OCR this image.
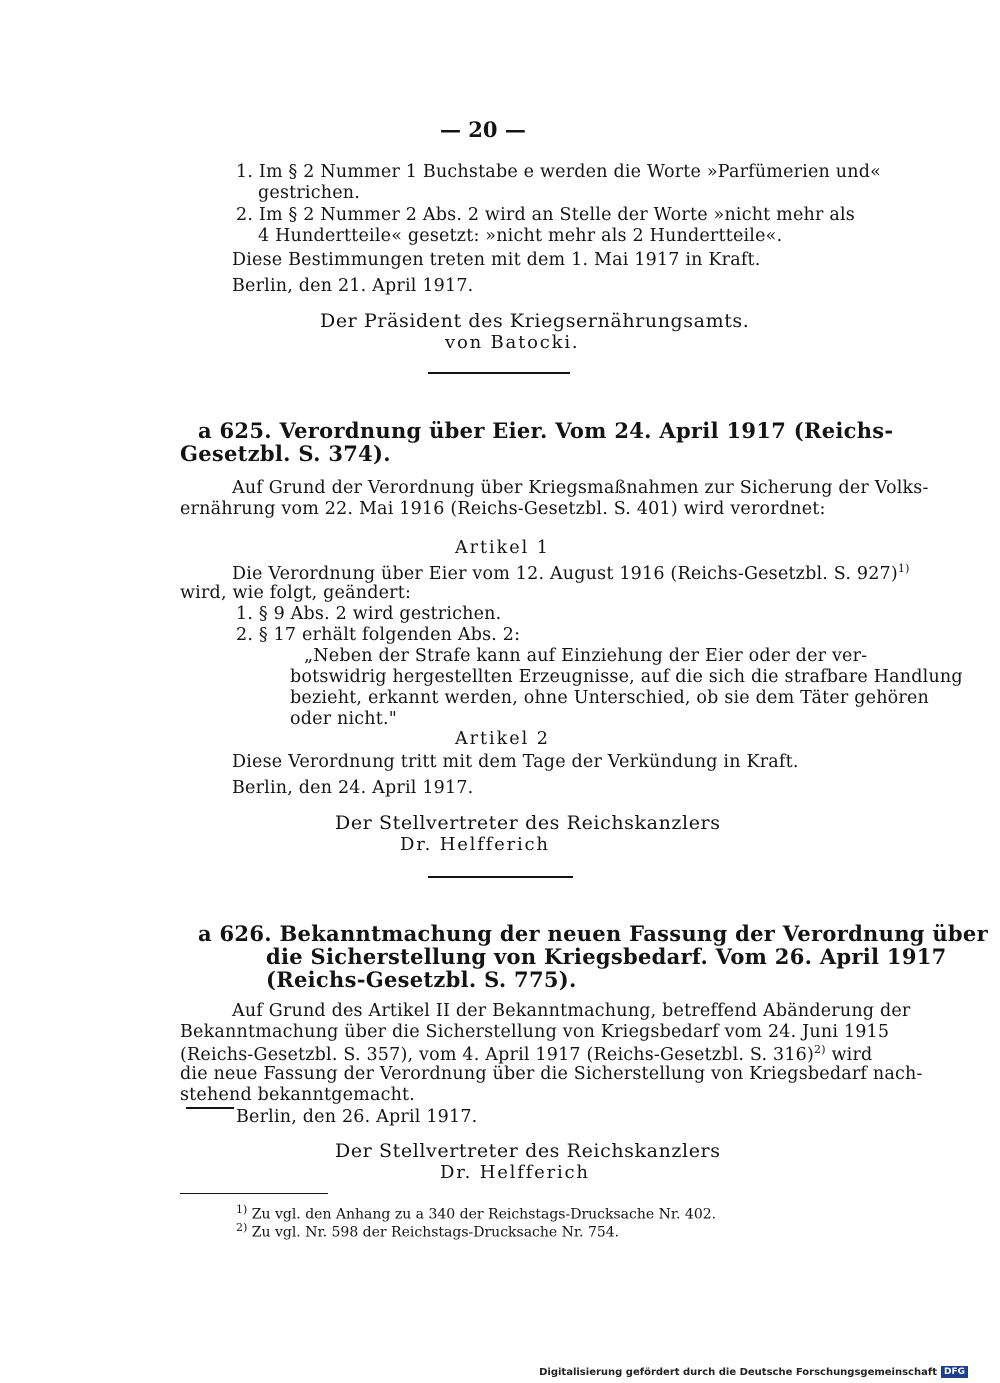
— 20 —
1. Im § 2 Nummer 1 Buchstabe e werden die Worte »Parfümerien und«
gestrichen.
2. Im § 2 Nummer 2 Abs. 2 wird an Stelle der Worte »nicht mehr als
4 Hundertteile« gesetzt: »nicht mehr als 2 Hundertteile«.
Diese Bestimmungen treten mit dem 1. Mai 1917 in Kraft.
Berlin, den 21. April 1917.
Der Präsident des Kriegsernährungsamts.
von Batocki.
a 625. Verordnung über Eier. Vom 24. April 1917 (Reichs-
Gesetzbl. S. 374).
Auf Grund der Verordnung über Kriegsmaßnahmen zur Sicherung der Volks-
ernährung vom 22. Mai 1916 (Reichs-Gesetzbl. S. 401) wird verordnet:
Artikel 1
Die Verordnung über Eier vom 12. August 1916 (Reichs-Gesetzbl. S. 927)$^{1)}$
wird, wie folgt, geändert:
1. § 9 Abs. 2 wird gestrichen.
2. § 17 erhält folgenden Abs. 2:
„Neben der Strafe kann auf Einziehung der Eier oder der ver-
botswidrig hergestellten Erzeugnisse, auf die sich die strafbare Handlung
bezieht, erkannt werden, ohne Unterschied, ob sie dem Täter gehören
oder nicht."
Artikel 2
Diese Verordnung tritt mit dem Tage der Verkündung in Kraft.
Berlin, den 24. April 1917.
Der Stellvertreter des Reichskanzlers
Dr. Helfferich
a 626. Bekanntmachung der neuen Fassung der Verordnung über
die Sicherstellung von Kriegsbedarf. Vom 26. April 1917
(Reichs-Gesetzbl. S. 775).
Auf Grund des Artikel II der Bekanntmachung, betreffend Abänderung der
Bekanntmachung über die Sicherstellung von Kriegsbedarf vom 24. Juni 1915
(Reichs-Gesetzbl. S. 357), vom 4. April 1917 (Reichs-Gesetzbl. S. 316)$^{2)}$ wird
die neue Fassung der Verordnung über die Sicherstellung von Kriegsbedarf nach-
stehend bekanntgemacht.
Berlin, den 26. April 1917.
Der Stellvertreter des Reichskanzlers
Dr. Helfferich
$^{1)}$ Zu vgl. den Anhang zu a 340 der Reichstags-Drucksache Nr. 402.
$^{2)}$ Zu vgl. Nr. 598 der Reichstags-Drucksache Nr. 754.
Digitalisierung gefördert durch die Deutsche Forschungsgemeinschaft DFG
